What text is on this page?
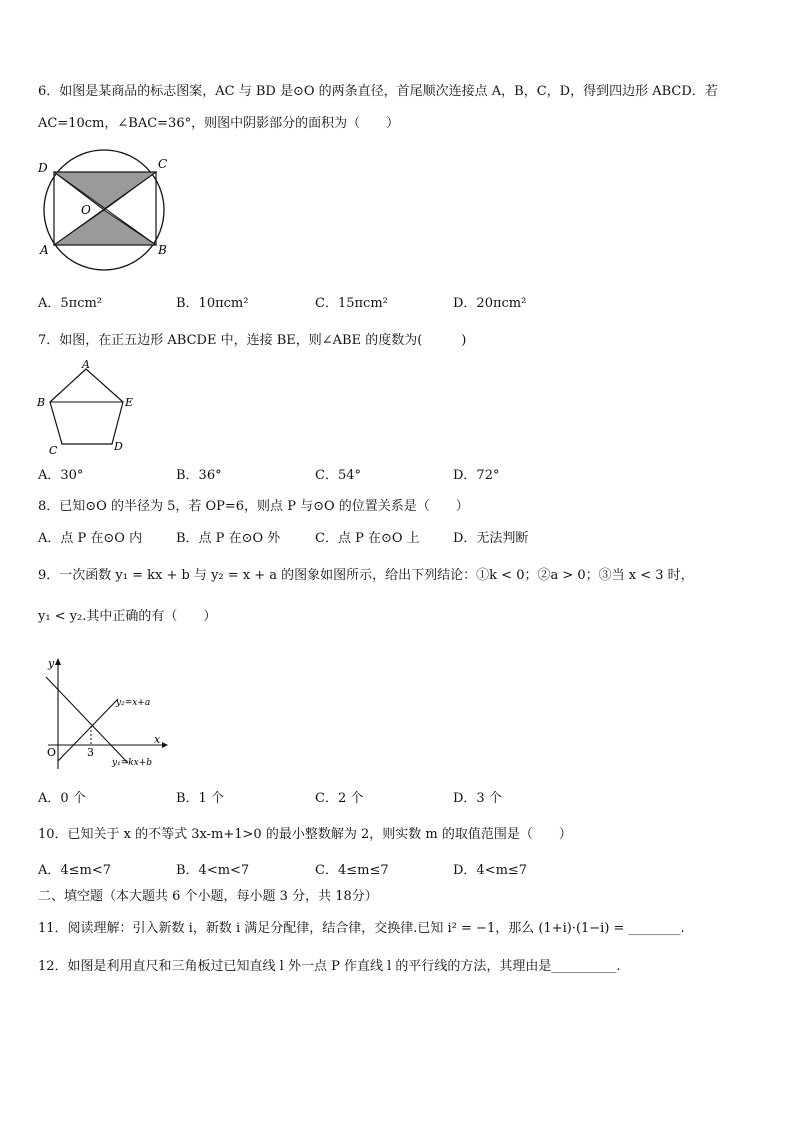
6．如图是某商品的标志图案，AC 与 BD 是⊙O 的两条直径，首尾顺次连接点 A，B，C，D，得到四边形 ABCD．若
AC=10cm，∠BAC=36°，则图中阴影部分的面积为（　　）
D	C
O
A	B
A．5πcm²	B．10πcm²	C．15πcm²	D．20πcm²
7．如图，在正五边形 ABCDE 中，连接 BE，则∠ABE 的度数为(　　　)
A
B
C	D
E
A．30°	B．36°	C．54°	D．72°
8．已知⊙O 的半径为 5，若 OP=6，则点 P 与⊙O 的位置关系是（　　）
A．点 P 在⊙O 内	B．点 P 在⊙O 外	C．点 P 在⊙O 上	D．无法判断
9．一次函数 y₁ = kx + b 与 y₂ = x + a 的图象如图所示，给出下列结论：①k < 0；②a > 0；③当 x < 3 时，
y₁ < y₂.其中正确的有（　　）
y
x
O	3
y₂=x+a
y₁=kx+b
A．0 个	B．1 个	C．2 个	D．3 个
10．已知关于 x 的不等式 3x-m+1>0 的最小整数解为 2，则实数 m 的取值范围是（　　）
A．4≤m<7	B．4<m<7	C．4≤m≤7	D．4<m≤7
二、填空题（本大题共 6 个小题，每小题 3 分，共 18分）
11．阅读理解：引入新数 i，新数 i 满足分配律，结合律，交换律.已知 i² = −1，那么 (1+i)·(1−i) = ________.
12．如图是利用直尺和三角板过已知直线 l 外一点 P 作直线 l 的平行线的方法，其理由是__________.
